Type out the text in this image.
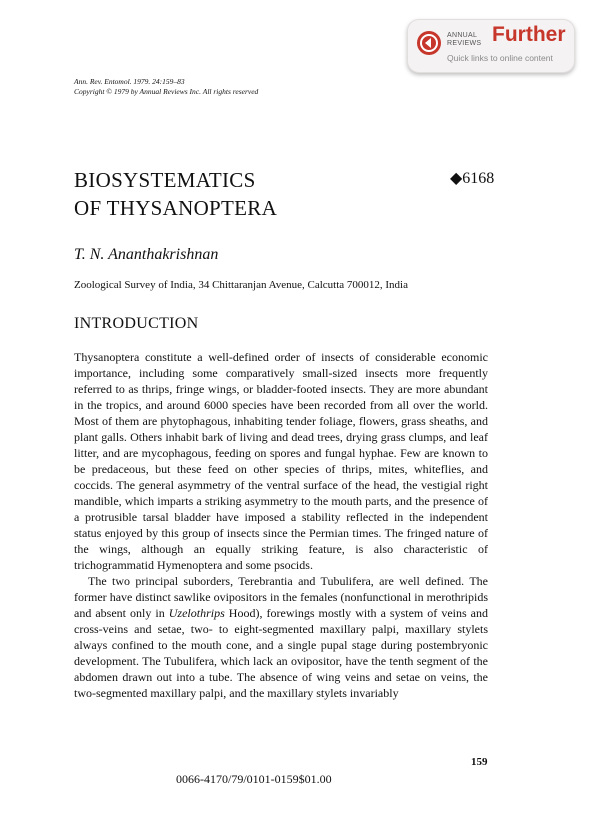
ANNUAL
REVIEWS Further
Quick links to online content
Ann. Rev. Entomol. 1979. 24:159–83
Copyright © 1979 by Annual Reviews Inc. All rights reserved
BIOSYSTEMATICS
OF THYSANOPTERA
◆6168
T. N. Ananthakrishnan
Zoological Survey of India, 34 Chittaranjan Avenue, Calcutta 700012, India
INTRODUCTION

Thysanoptera constitute a well-defined order of insects of considerable economic importance, including some comparatively small-sized insects more frequently referred to as thrips, fringe wings, or bladder-footed insects. They are more abundant in the tropics, and around 6000 species have been recorded from all over the world. Most of them are phytophagous, inhabiting tender foliage, flowers, grass sheaths, and plant galls. Others inhabit bark of living and dead trees, drying grass clumps, and leaf litter, and are mycophagous, feeding on spores and fungal hyphae. Few are known to be predaceous, but these feed on other species of thrips, mites, whiteflies, and coccids. The general asymmetry of the ventral surface of the head, the vestigial right mandible, which imparts a striking asymmetry to the mouth parts, and the presence of a protrusible tarsal bladder have imposed a stability reflected in the independent status enjoyed by this group of insects since the Permian times. The fringed nature of the wings, although an equally striking feature, is also characteristic of trichogrammatid Hymenoptera and some psocids.

The two principal suborders, Terebrantia and Tubulifera, are well defined. The former have distinct sawlike ovipositors in the females (nonfunctional in merothripids and absent only in Uzelothrips Hood), forewings mostly with a system of veins and cross-veins and setae, two- to eight-segmented maxillary palpi, maxillary stylets always confined to the mouth cone, and a single pupal stage during postembryonic development. The Tubulifera, which lack an ovipositor, have the tenth segment of the abdomen drawn out into a tube. The absence of wing veins and setae on veins, the two-segmented maxillary palpi, and the maxillary stylets invariably

159
0066-4170/79/0101-0159$01.00
